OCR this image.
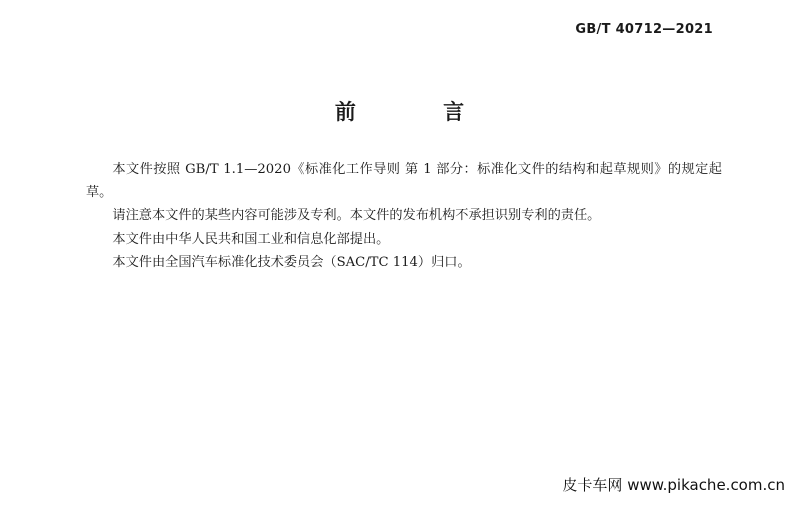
GB/T 40712—2021
前 言

本文件按照 GB/T 1.1—2020《标准化工作导则 第 1 部分：标准化文件的结构和起草规则》的规定起草。

请注意本文件的某些内容可能涉及专利。本文件的发布机构不承担识别专利的责任。

本文件由中华人民共和国工业和信息化部提出。

本文件由全国汽车标准化技术委员会（SAC/TC 114）归口。

皮卡车网 www.pikache.com.cn
